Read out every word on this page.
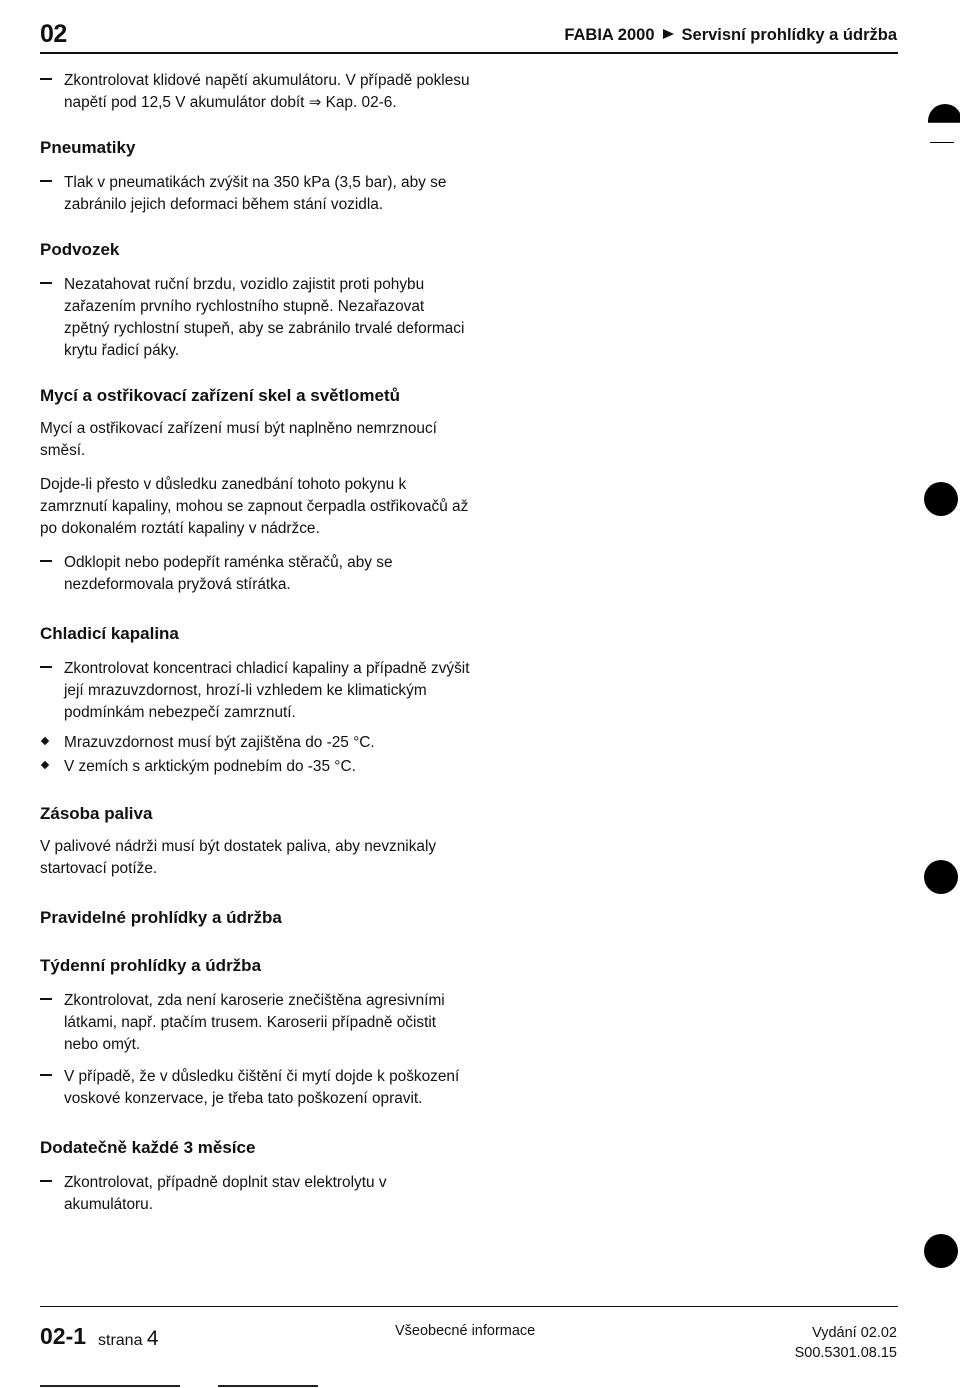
02	FABIA 2000 Servisní prohlídky a údržba
Zkontrolovat klidové napětí akumulátoru. V případě poklesu napětí pod 12,5 V akumulátor dobít ⇒ Kap. 02-6.
Pneumatiky
Tlak v pneumatikách zvýšit na 350 kPa (3,5 bar), aby se zabránilo jejich deformaci během stání vozidla.
Podvozek
Nezatahovat ruční brzdu, vozidlo zajistit proti pohybu zařazením prvního rychlostního stupně. Nezařazovat zpětný rychlostní stupeň, aby se zabránilo trvalé deformaci krytu řadicí páky.
Mycí a ostřikovací zařízení skel a světlometů

Mycí a ostřikovací zařízení musí být naplněno nemrznoucí směsí.

Dojde-li přesto v důsledku zanedbání tohoto pokynu k zamrznutí kapaliny, mohou se zapnout čerpadla ostřikovačů až po dokonalém roztátí kapaliny v nádržce.

Odklopit nebo podepřít raménka stěračů, aby se nezdeformovala pryžová stírátka.
Chladicí kapalina
Zkontrolovat koncentraci chladicí kapaliny a případně zvýšit její mrazuvzdornost, hrozí-li vzhledem ke klimatickým podmínkám nebezpečí zamrznutí.
Mrazuvzdornost musí být zajištěna do -25 °C.
V zemích s arktickým podnebím do -35 °C.
Zásoba paliva

V palivové nádrži musí být dostatek paliva, aby nevznikaly startovací potíže.

Pravidelné prohlídky a údržba
Týdenní prohlídky a údržba
Zkontrolovat, zda není karoserie znečištěna agresivními látkami, např. ptačím trusem. Karoserii případně očistit nebo omýt.
V případě, že v důsledku čištění či mytí dojde k poškození voskové konzervace, je třeba tato poškození opravit.
Dodatečně každé 3 měsíce
Zkontrolovat, případně doplnit stav elektrolytu v akumulátoru.
02-1 strana 4	Všeobecné informace	Vydání 02.02
S00.5301.08.15
